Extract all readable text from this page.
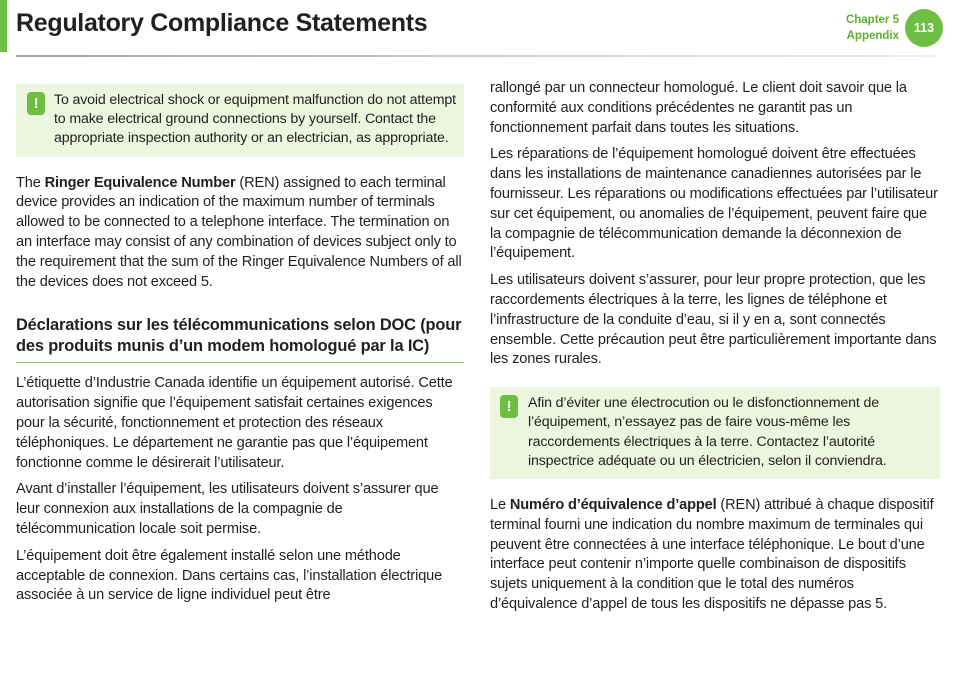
Regulatory Compliance Statements	Chapter 5
Appendix
113
!	To avoid electrical shock or equipment malfunction do not attempt to make electrical ground connections by yourself. Contact the appropriate inspection authority or an electrician, as appropriate.

The Ringer Equivalence Number (REN) assigned to each terminal device provides an indication of the maximum number of terminals allowed to be connected to a telephone interface. The termination on an interface may consist of any combination of devices subject only to the requirement that the sum of the Ringer Equivalence Numbers of all the devices does not exceed 5.

Déclarations sur les télécommunications selon DOC (pour des produits munis d’un modem homologué par la IC)

L’étiquette d’Industrie Canada identifie un équipement autorisé. Cette autorisation signifie que l’équipement satisfait certaines exigences pour la sécurité, fonctionnement et protection des réseaux téléphoniques. Le département ne garantie pas que l’équipement fonctionne comme le désirerait l’utilisateur.

Avant d’installer l’équipement, les utilisateurs doivent s’assurer que leur connexion aux installations de la compagnie de télécommunication locale soit permise.

L’équipement doit être également installé selon une méthode acceptable de connexion. Dans certains cas, l’installation électrique associée à un service de ligne individuel peut être

rallongé par un connecteur homologué. Le client doit savoir que la conformité aux conditions précédentes ne garantit pas un fonctionnement parfait dans toutes les situations.

Les réparations de l’équipement homologué doivent être effectuées dans les installations de maintenance canadiennes autorisées par le fournisseur. Les réparations ou modifications effectuées par l’utilisateur sur cet équipement, ou anomalies de l’équipement, peuvent faire que la compagnie de télécommunication demande la déconnexion de l’équipement.

Les utilisateurs doivent s’assurer, pour leur propre protection, que les raccordements électriques à la terre, les lignes de téléphone et l’infrastructure de la conduite d’eau, si il y en a, sont connectés ensemble. Cette précaution peut être particulièrement importante dans les zones rurales.

!	Afin d’éviter une électrocution ou le disfonctionnement de l’équipement, n’essayez pas de faire vous-même les raccordements électriques à la terre. Contactez l’autorité inspectrice adéquate ou un électricien, selon il conviendra.

Le Numéro d’équivalence d’appel (REN) attribué à chaque dispositif terminal fourni une indication du nombre maximum de terminales qui peuvent être connectées à une interface téléphonique. Le bout d’une interface peut contenir n’importe quelle combinaison de dispositifs sujets uniquement à la condition que le total des numéros d’équivalence d’appel de tous les dispositifs ne dépasse pas 5.
